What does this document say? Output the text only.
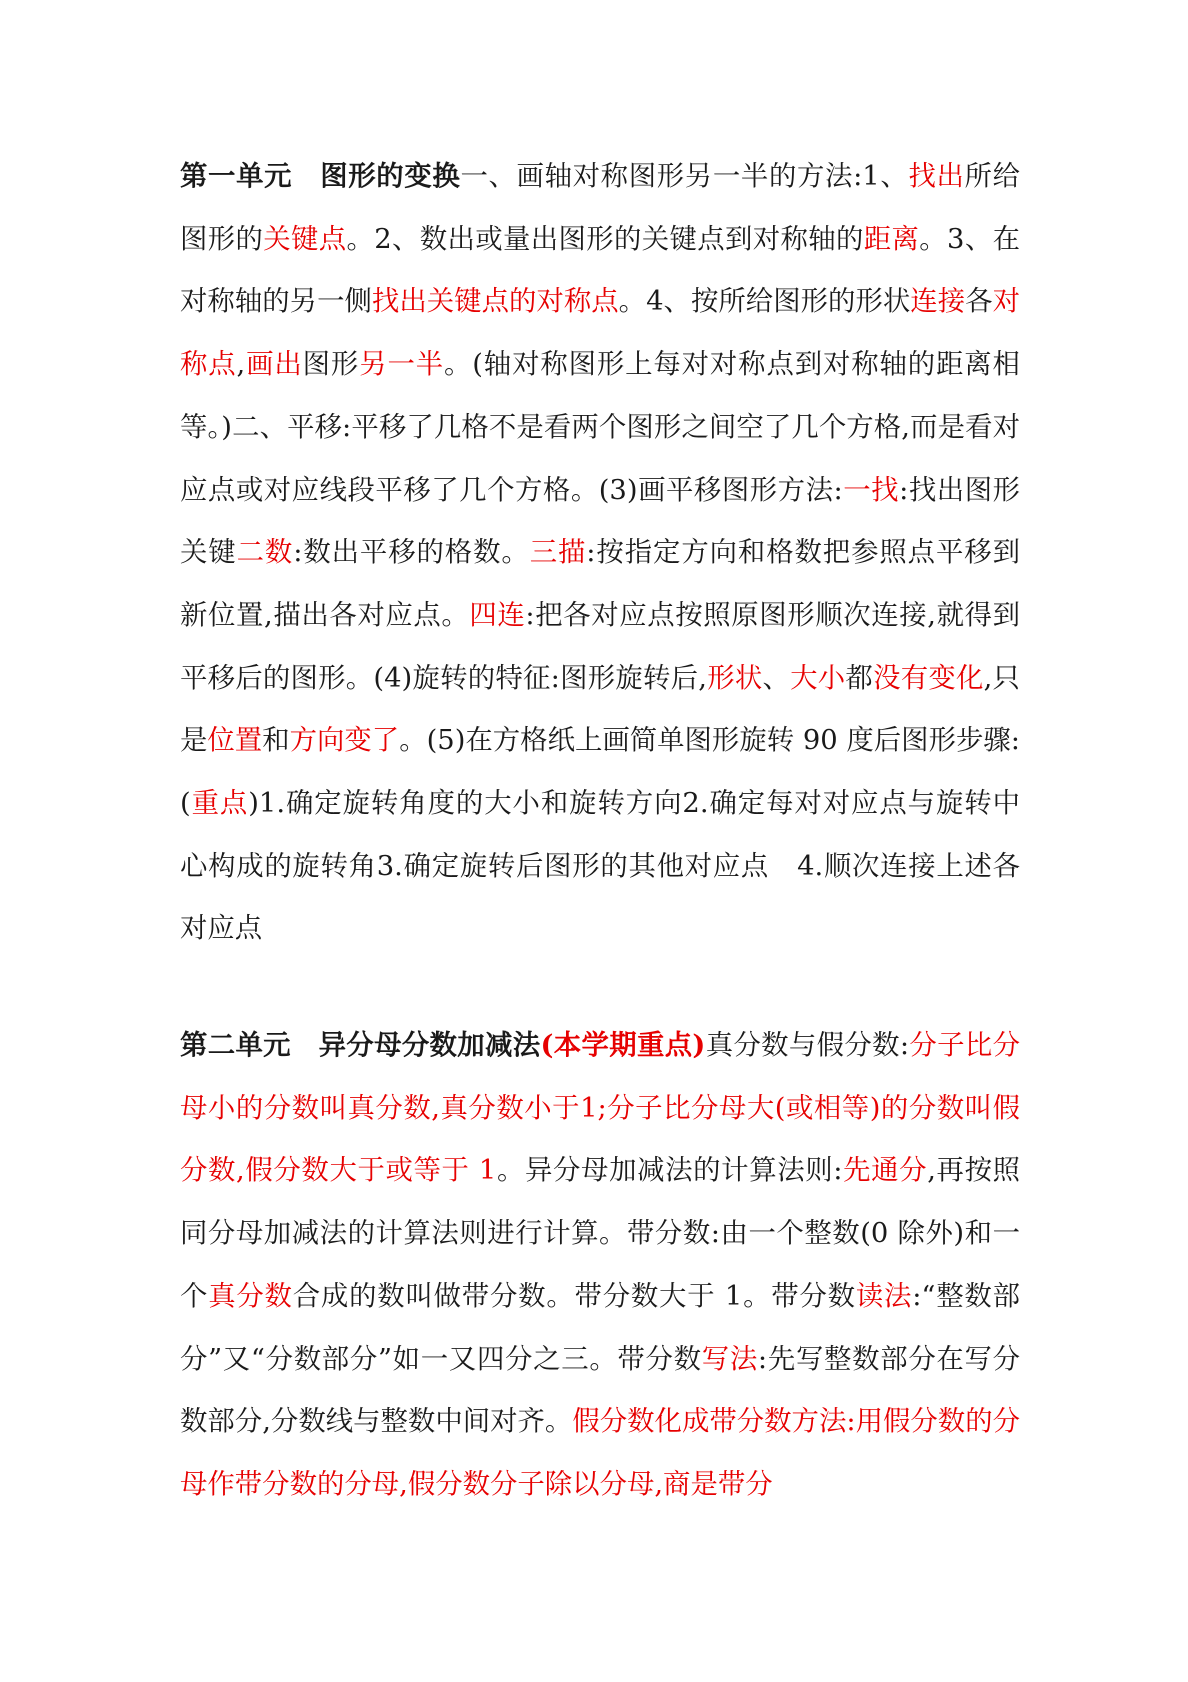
第一单元　图形的变换一、画轴对称图形另一半的方法:1、找出所给图形的关键点。2、数出或量出图形的关键点到对称轴的距离。3、在对称轴的另一侧找出关键点的对称点。4、按所给图形的形状连接各对称点,画出图形另一半。(轴对称图形上每对对称点到对称轴的距离相等。)二、平移:平移了几格不是看两个图形之间空了几个方格,而是看对应点或对应线段平移了几个方格。(3)画平移图形方法:一找:找出图形关键二数:数出平移的格数。三描:按指定方向和格数把参照点平移到新位置,描出各对应点。四连:把各对应点按照原图形顺次连接,就得到平移后的图形。(4)旋转的特征:图形旋转后,形状、大小都没有变化,只是位置和方向变了。(5)在方格纸上画简单图形旋转 90 度后图形步骤:(重点)1.确定旋转角度的大小和旋转方向2.确定每对对应点与旋转中心构成的旋转角3.确定旋转后图形的其他对应点　4.顺次连接上述各对应点

第二单元　异分母分数加减法(本学期重点)真分数与假分数:分子比分母小的分数叫真分数,真分数小于1;分子比分母大(或相等)的分数叫假分数,假分数大于或等于 1。异分母加减法的计算法则:先通分,再按照同分母加减法的计算法则进行计算。带分数:由一个整数(0 除外)和一个真分数合成的数叫做带分数。带分数大于 1。带分数读法:“整数部分”又“分数部分”如一又四分之三。带分数写法:先写整数部分在写分数部分,分数线与整数中间对齐。假分数化成带分数方法:用假分数的分母作带分数的分母,假分数分子除以分母,商是带分
